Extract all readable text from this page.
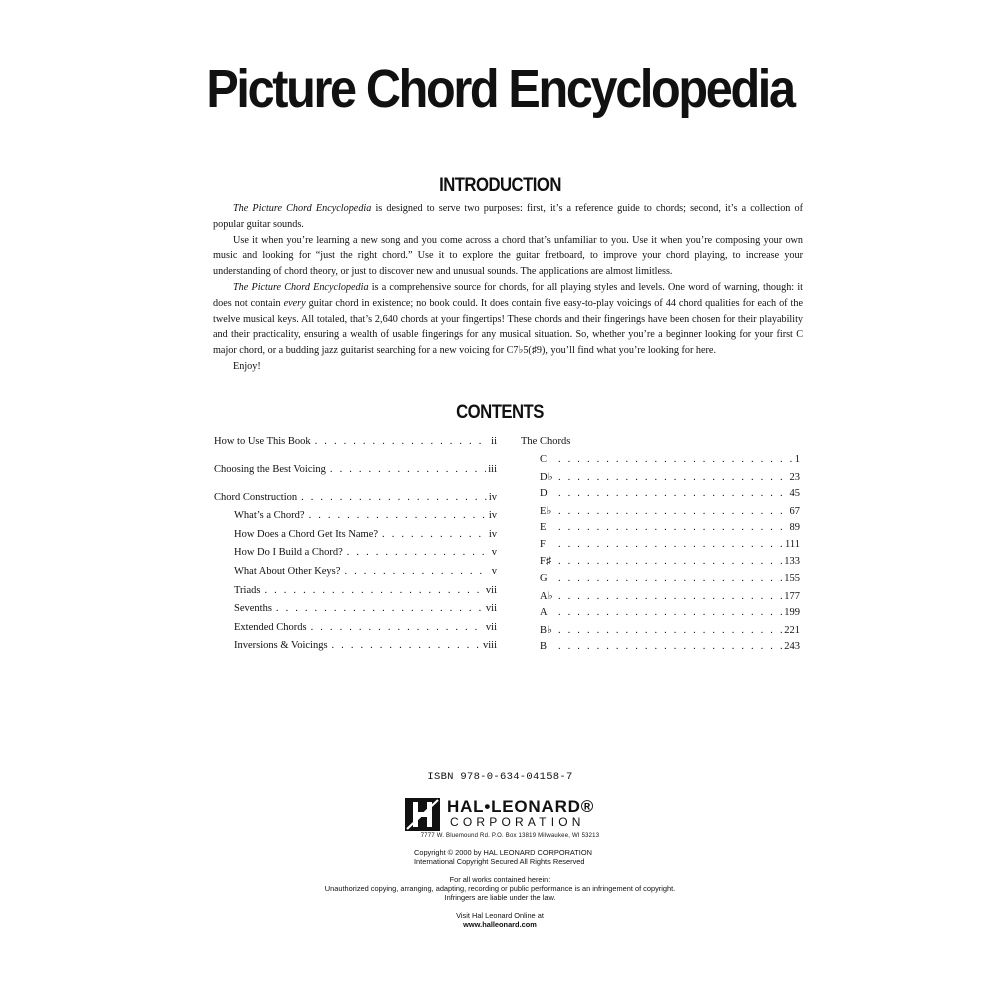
Picture Chord Encyclopedia
INTRODUCTION

The Picture Chord Encyclopedia is designed to serve two purposes: first, it’s a reference guide to chords; second, it’s a collection of popular guitar sounds.

Use it when you’re learning a new song and you come across a chord that’s unfamiliar to you. Use it when you’re composing your own music and looking for “just the right chord.” Use it to explore the guitar fretboard, to improve your chord playing, to increase your understanding of chord theory, or just to discover new and unusual sounds. The applications are almost limitless.

The Picture Chord Encyclopedia is a comprehensive source for chords, for all playing styles and levels. One word of warning, though: it does not contain every guitar chord in existence; no book could. It does contain five easy-to-play voicings of 44 chord qualities for each of the twelve musical keys. All totaled, that’s 2,640 chords at your fingertips! These chords and their fingerings have been chosen for their playability and their practicality, ensuring a wealth of usable fingerings for any musical situation. So, whether you’re a beginner looking for your first C major chord, or a budding jazz guitarist searching for a new voicing for C7♭5(♯9), you’ll find what you’re looking for here.

Enjoy!

CONTENTS
How to Use This Book . . .	ii
Choosing the Best Voicing . . .	iii
Chord Construction . . .	iv
What’s a Chord? . . .	iv
How Does a Chord Get Its Name? . . .	iv
How Do I Build a Chord? . . .	v
What About Other Keys? . . .	v
Triads . . .	vii
Sevenths . . .	vii
Extended Chords . . .	vii
Inversions & Voicings . . .	viii
The Chords
C . . .	1
D♭ . . .	23
D . . .	45
E♭ . . .	67
E . . .	89
F . . .	111
F♯ . . .	133
G . . .	155
A♭ . . .	177
A . . .	199
B♭ . . .	221
B . . .	243
ISBN 978-0-634-04158-7
HAL•LEONARD®
CORPORATION
7777 W. Bluemound Rd. P.O. Box 13819 Milwaukee, WI 53213
Copyright © 2000 by HAL LEONARD CORPORATION
International Copyright Secured All Rights Reserved
For all works contained herein:
Unauthorized copying, arranging, adapting, recording or public performance is an infringement of copyright.
Infringers are liable under the law.
Visit Hal Leonard Online at
www.halleonard.com
